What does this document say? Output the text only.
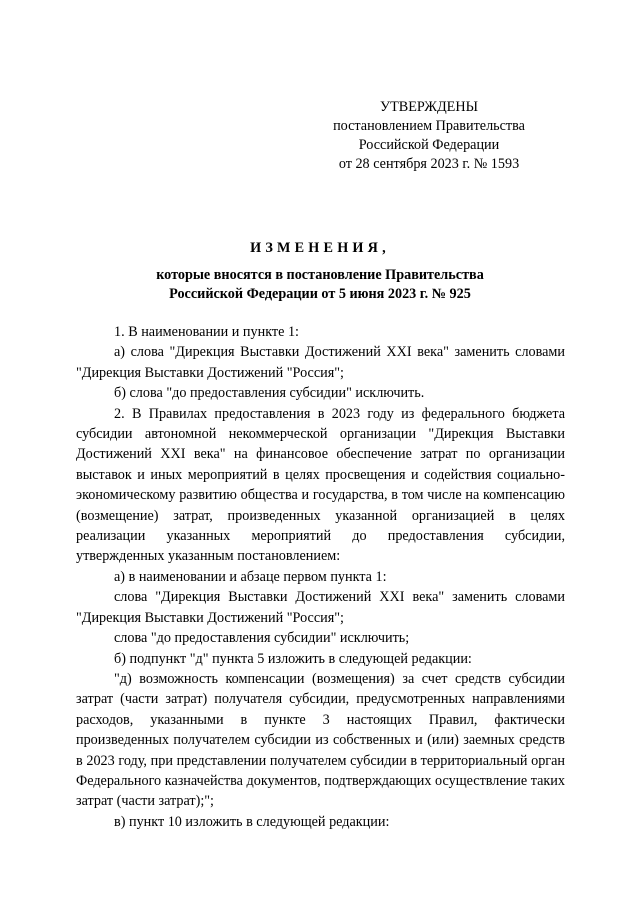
УТВЕРЖДЕНЫ
постановлением Правительства
Российской Федерации
от 28 сентября 2023 г. № 1593
ИЗМЕНЕНИЯ,
которые вносятся в постановление Правительства
Российской Федерации от 5 июня 2023 г. № 925

1. В наименовании и пункте 1:

а) слова "Дирекция Выставки Достижений XXI века" заменить словами "Дирекция Выставки Достижений "Россия";

б) слова "до предоставления субсидии" исключить.

2. В Правилах предоставления в 2023 году из федерального бюджета субсидии автономной некоммерческой организации "Дирекция Выставки Достижений XXI века" на финансовое обеспечение затрат по организации выставок и иных мероприятий в целях просвещения и содействия социально-экономическому развитию общества и государства, в том числе на компенсацию (возмещение) затрат, произведенных указанной организацией в целях реализации указанных мероприятий до предоставления субсидии, утвержденных указанным постановлением:

а) в наименовании и абзаце первом пункта 1:

слова "Дирекция Выставки Достижений XXI века" заменить словами "Дирекция Выставки Достижений "Россия";

слова "до предоставления субсидии" исключить;

б) подпункт "д" пункта 5 изложить в следующей редакции:

"д) возможность компенсации (возмещения) за счет средств субсидии затрат (части затрат) получателя субсидии, предусмотренных направлениями расходов, указанными в пункте 3 настоящих Правил, фактически произведенных получателем субсидии из собственных и (или) заемных средств в 2023 году, при представлении получателем субсидии в территориальный орган Федерального казначейства документов, подтверждающих осуществление таких затрат (части затрат);";

в) пункт 10 изложить в следующей редакции:
